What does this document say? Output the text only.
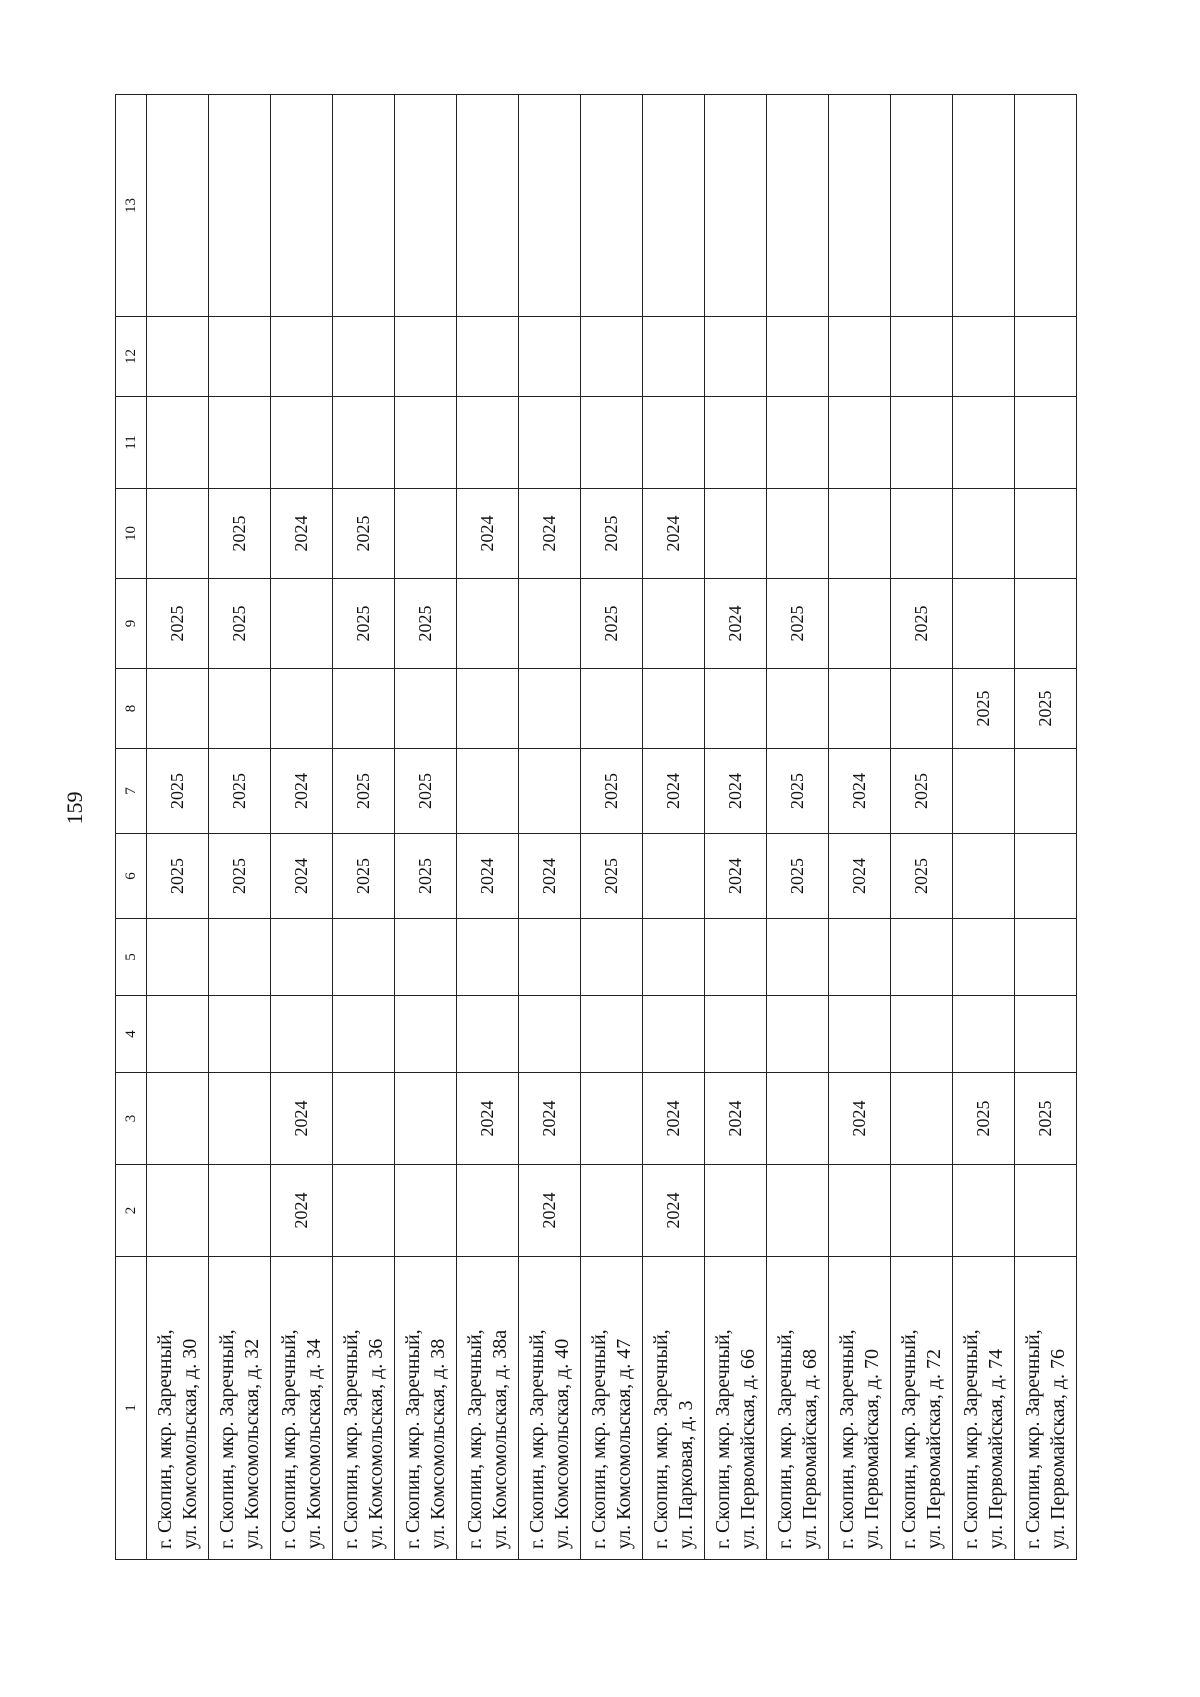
159
1	2	3	4	5	6	7	8	9	10	11	12	13

г. Скопин, мкр. Заречный, ул. Комсомольская, д. 30					2025	2025		2025				

г. Скопин, мкр. Заречный, ул. Комсомольская, д. 32					2025	2025		2025	2025			

г. Скопин, мкр. Заречный, ул. Комсомольская, д. 34	2024	2024			2024	2024			2024			

г. Скопин, мкр. Заречный, ул. Комсомольская, д. 36					2025	2025		2025	2025			

г. Скопин, мкр. Заречный, ул. Комсомольская, д. 38					2025	2025		2025				

г. Скопин, мкр. Заречный, ул. Комсомольская, д. 38а		2024			2024				2024			

г. Скопин, мкр. Заречный, ул. Комсомольская, д. 40	2024	2024			2024				2024			

г. Скопин, мкр. Заречный, ул. Комсомольская, д. 47					2025	2025		2025	2025			

г. Скопин, мкр. Заречный, ул. Парковая, д. 3	2024	2024				2024			2024			

г. Скопин, мкр. Заречный, ул. Первомайская, д. 66		2024			2024	2024		2024				

г. Скопин, мкр. Заречный, ул. Первомайская, д. 68					2025	2025		2025				

г. Скопин, мкр. Заречный, ул. Первомайская, д. 70		2024			2024	2024						

г. Скопин, мкр. Заречный, ул. Первомайская, д. 72					2025	2025		2025				

г. Скопин, мкр. Заречный, ул. Первомайская, д. 74		2025					2025					

г. Скопин, мкр. Заречный, ул. Первомайская, д. 76		2025					2025					
